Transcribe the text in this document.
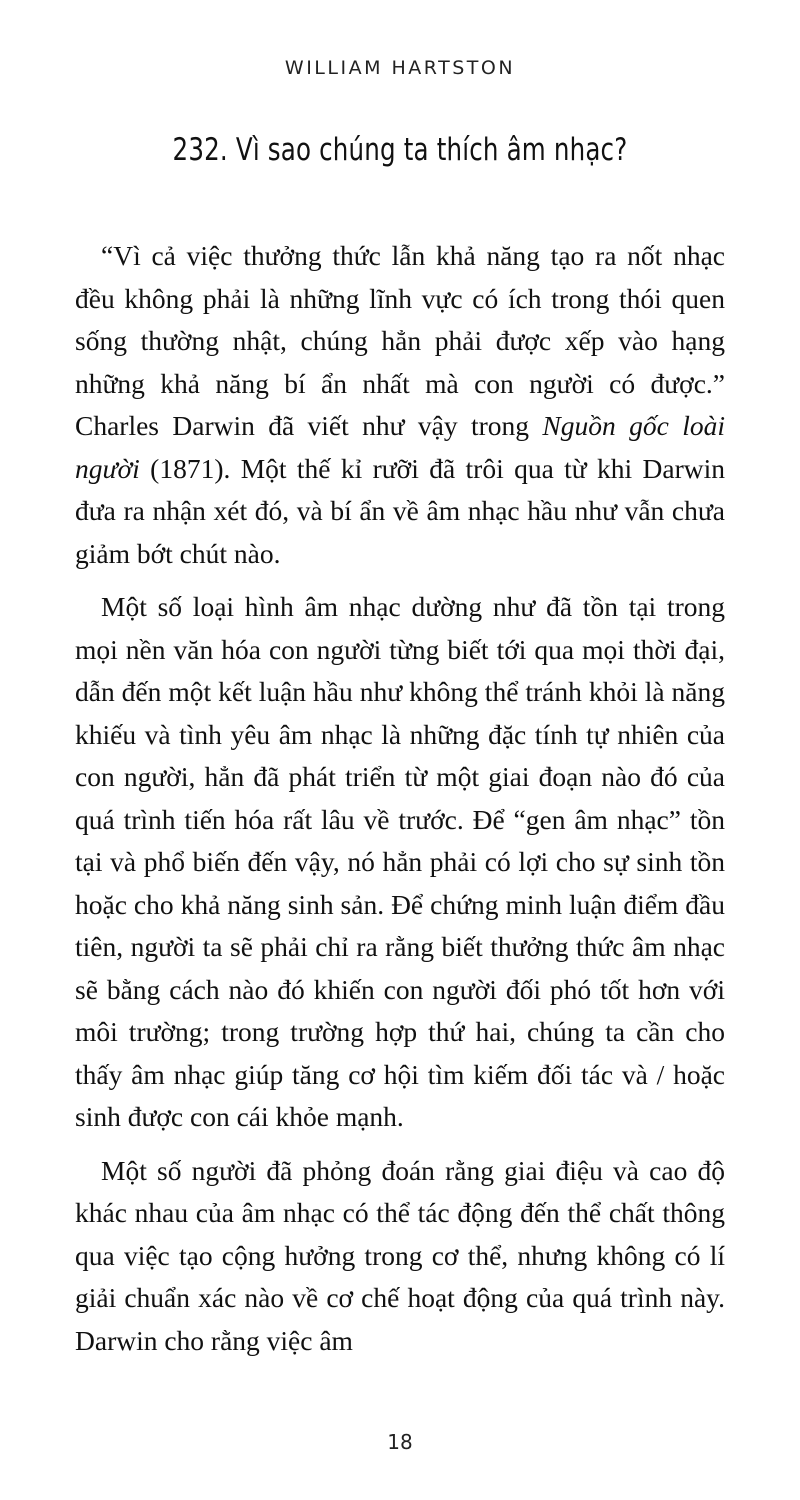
WILLIAM HARTSTON
232. Vì sao chúng ta thích âm nhạc?

“Vì cả việc thưởng thức lẫn khả năng tạo ra nốt nhạc đều không phải là những lĩnh vực có ích trong thói quen sống thường nhật, chúng hẳn phải được xếp vào hạng những khả năng bí ẩn nhất mà con người có được.” Charles Darwin đã viết như vậy trong Nguồn gốc loài người (1871). Một thế kỉ rưỡi đã trôi qua từ khi Darwin đưa ra nhận xét đó, và bí ẩn về âm nhạc hầu như vẫn chưa giảm bớt chút nào.

Một số loại hình âm nhạc dường như đã tồn tại trong mọi nền văn hóa con người từng biết tới qua mọi thời đại, dẫn đến một kết luận hầu như không thể tránh khỏi là năng khiếu và tình yêu âm nhạc là những đặc tính tự nhiên của con người, hẳn đã phát triển từ một giai đoạn nào đó của quá trình tiến hóa rất lâu về trước. Để “gen âm nhạc” tồn tại và phổ biến đến vậy, nó hẳn phải có lợi cho sự sinh tồn hoặc cho khả năng sinh sản. Để chứng minh luận điểm đầu tiên, người ta sẽ phải chỉ ra rằng biết thưởng thức âm nhạc sẽ bằng cách nào đó khiến con người đối phó tốt hơn với môi trường; trong trường hợp thứ hai, chúng ta cần cho thấy âm nhạc giúp tăng cơ hội tìm kiếm đối tác và / hoặc sinh được con cái khỏe mạnh.

Một số người đã phỏng đoán rằng giai điệu và cao độ khác nhau của âm nhạc có thể tác động đến thể chất thông qua việc tạo cộng hưởng trong cơ thể, nhưng không có lí giải chuẩn xác nào về cơ chế hoạt động của quá trình này. Darwin cho rằng việc âm

18
